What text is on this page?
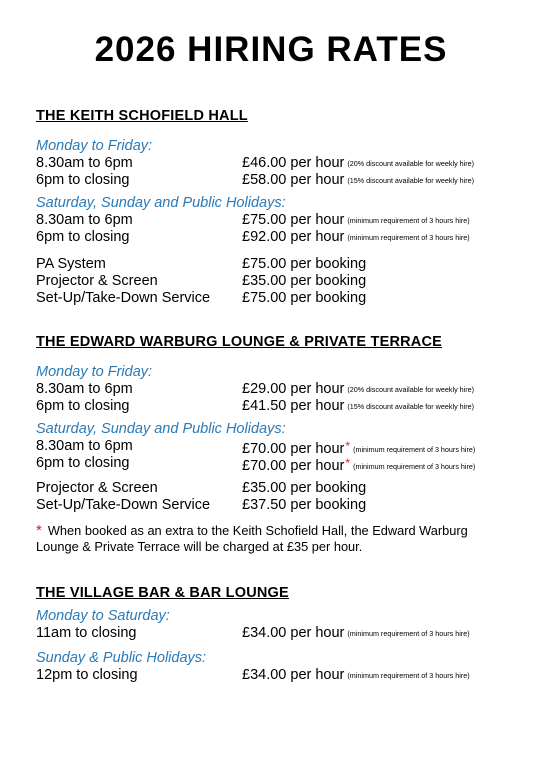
2026 HIRING RATES

THE KEITH SCHOFIELD HALL

Monday to Friday:

8.30am to 6pm	£46.00 per hour (20% discount available for weekly hire)
6pm to closing	£58.00 per hour (15% discount available for weekly hire)

Saturday, Sunday and Public Holidays:

8.30am to 6pm	£75.00 per hour (minimum requirement of 3 hours hire)
6pm to closing	£92.00 per hour (minimum requirement of 3 hours hire)
PA System	£75.00 per booking
Projector & Screen	£35.00 per booking
Set-Up/Take-Down Service £75.00 per booking

THE EDWARD WARBURG LOUNGE & PRIVATE TERRACE

Monday to Friday:

8.30am to 6pm	£29.00 per hour (20% discount available for weekly hire)
6pm to closing	£41.50 per hour (15% discount available for weekly hire)

Saturday, Sunday and Public Holidays:

8.30am to 6pm	£70.00 per hour* (minimum requirement of 3 hours hire)
6pm to closing	£70.00 per hour* (minimum requirement of 3 hours hire)
Projector & Screen	£35.00 per booking
Set-Up/Take-Down Service £37.50 per booking

* When booked as an extra to the Keith Schofield Hall, the Edward Warburg Lounge & Private Terrace will be charged at £35 per hour.

THE VILLAGE BAR & BAR LOUNGE

Monday to Saturday:

11am to closing	£34.00 per hour (minimum requirement of 3 hours hire)

Sunday & Public Holidays:

12pm to closing	£34.00 per hour (minimum requirement of 3 hours hire)
